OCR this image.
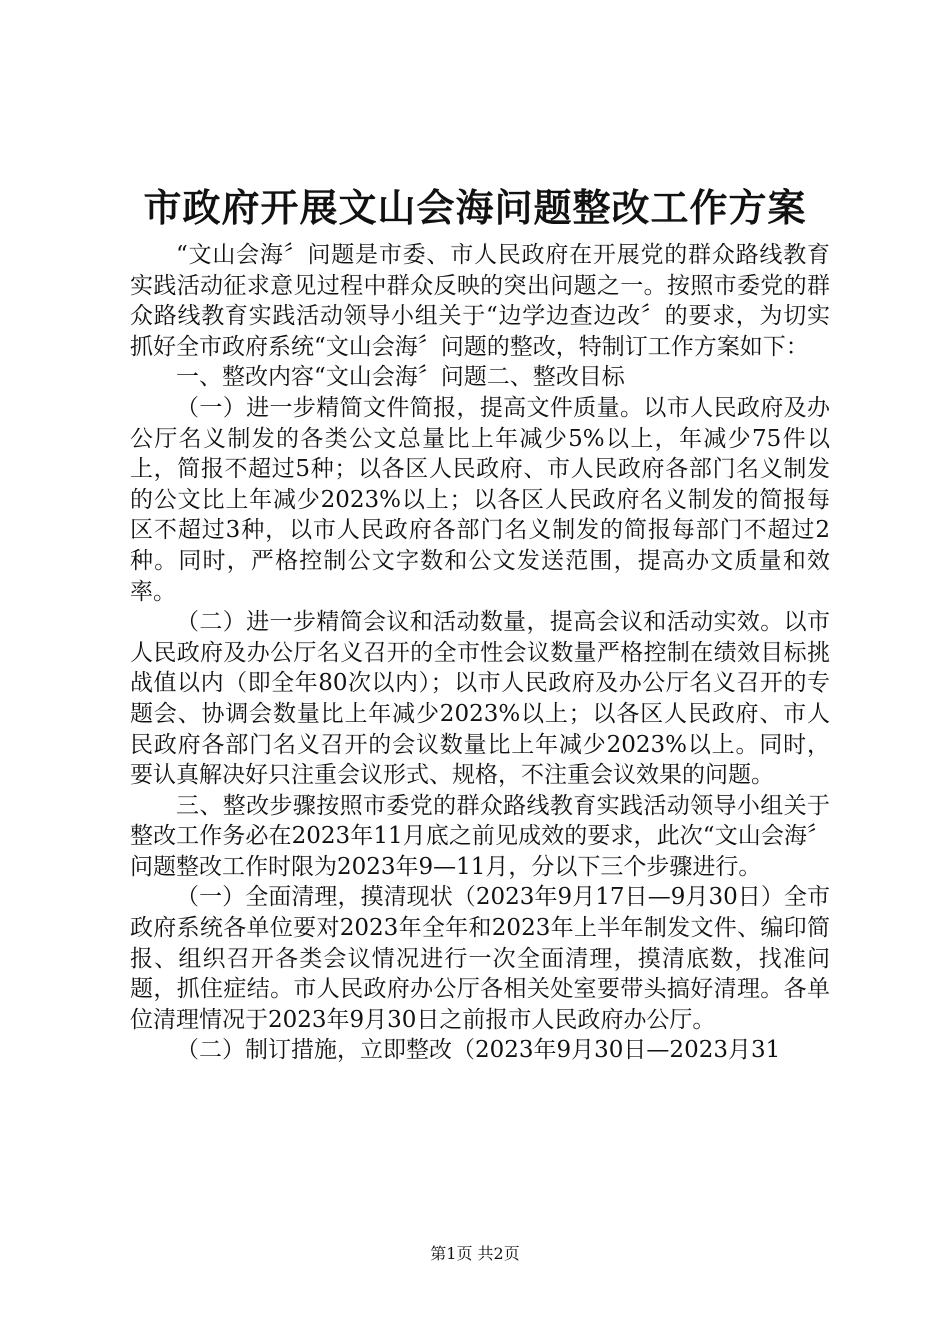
市政府开展文山会海问题整改工作方案

“文山会海〞问题是市委、市人民政府在开展党的群众路线教育实践活动征求意见过程中群众反映的突出问题之一。按照市委党的群众路线教育实践活动领导小组关于“边学边查边改〞的要求，为切实抓好全市政府系统“文山会海〞问题的整改，特制订工作方案如下：

一、整改内容“文山会海〞问题二、整改目标

（一）进一步精简文件简报，提高文件质量。以市人民政府及办公厅名义制发的各类公文总量比上年减少5%以上，年减少75件以上，简报不超过5种；以各区人民政府、市人民政府各部门名义制发的公文比上年减少2023%以上；以各区人民政府名义制发的简报每区不超过3种，以市人民政府各部门名义制发的简报每部门不超过2种。同时，严格控制公文字数和公文发送范围，提高办文质量和效率。

（二）进一步精简会议和活动数量，提高会议和活动实效。以市人民政府及办公厅名义召开的全市性会议数量严格控制在绩效目标挑战值以内（即全年80次以内）；以市人民政府及办公厅名义召开的专题会、协调会数量比上年减少2023%以上；以各区人民政府、市人民政府各部门名义召开的会议数量比上年减少2023%以上。同时，要认真解决好只注重会议形式、规格，不注重会议效果的问题。

三、整改步骤按照市委党的群众路线教育实践活动领导小组关于整改工作务必在2023年11月底之前见成效的要求，此次“文山会海〞问题整改工作时限为2023年9—11月，分以下三个步骤进行。

（一）全面清理，摸清现状（2023年9月17日—9月30日）全市政府系统各单位要对2023年全年和2023年上半年制发文件、编印简报、组织召开各类会议情况进行一次全面清理，摸清底数，找准问题，抓住症结。市人民政府办公厅各相关处室要带头搞好清理。各单位清理情况于2023年9月30日之前报市人民政府办公厅。

（二）制订措施，立即整改（2023年9月30日—2023月31

第1页 共2页
